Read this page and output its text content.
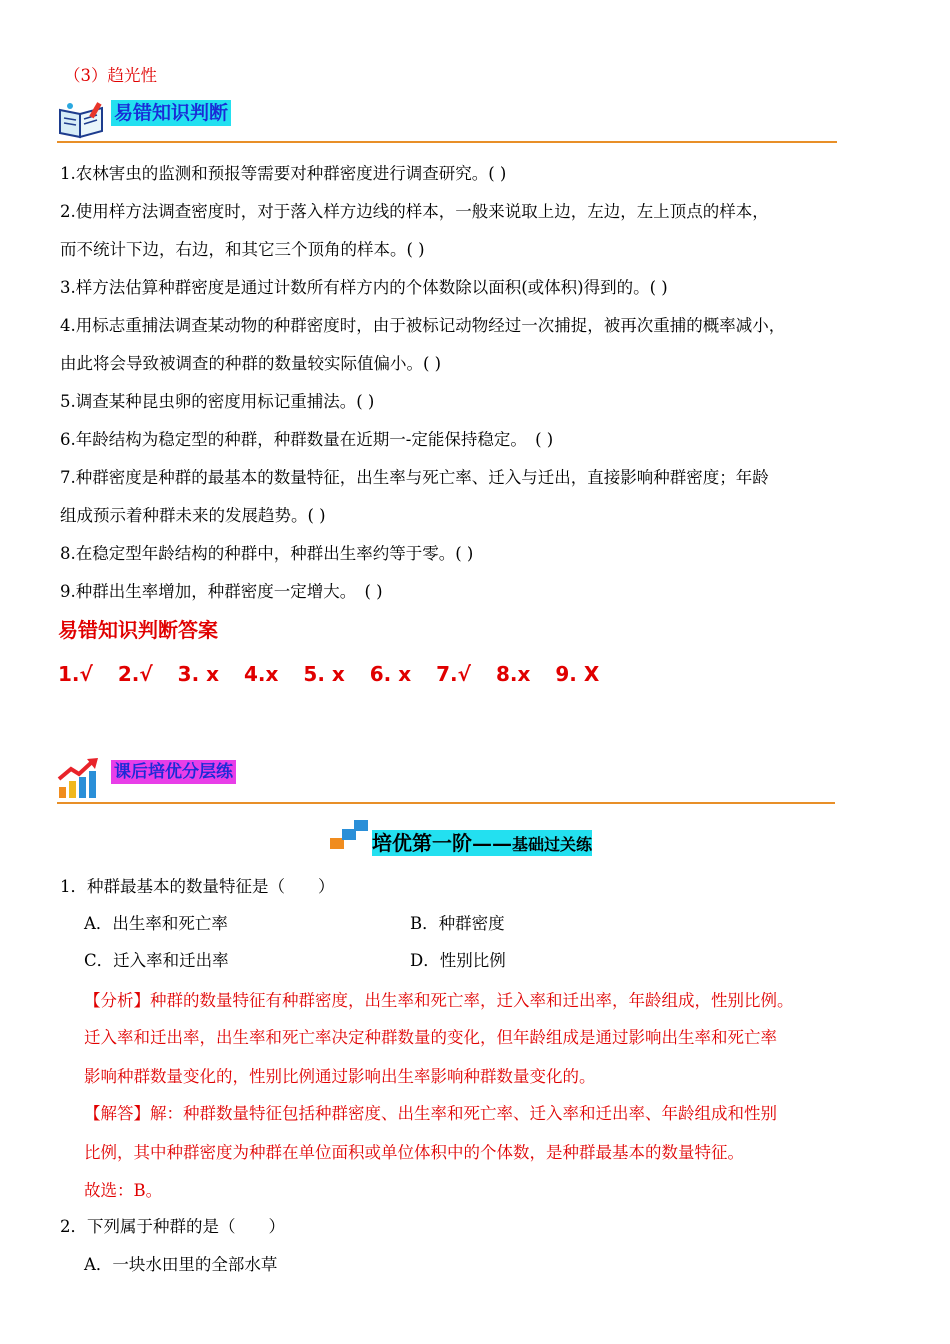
（3）趋光性
易错知识判断
1.农林害虫的监测和预报等需要对种群密度进行调查研究。( )
2.使用样方法调查密度时，对于落入样方边线的样本，一般来说取上边，左边，左上顶点的样本，
而不统计下边，右边，和其它三个顶角的样本。( )
3.样方法估算种群密度是通过计数所有样方内的个体数除以面积(或体积)得到的。( )
4.用标志重捕法调查某动物的种群密度时，由于被标记动物经过一次捕捉，被再次重捕的概率减小，
由此将会导致被调查的种群的数量较实际值偏小。( )
5.调查某种昆虫卵的密度用标记重捕法。( )
6.年龄结构为稳定型的种群，种群数量在近期一-定能保持稳定。　( )
7.种群密度是种群的最基本的数量特征，出生率与死亡率、迁入与迁出，直接影响种群密度；年龄
组成预示着种群未来的发展趋势。( )
8.在稳定型年龄结构的种群中，种群出生率约等于零。( )
9.种群出生率增加，种群密度一定增大。　( )
易错知识判断答案
1.√ 2.√ 3. x 4.x 5. x 6. x 7.√ 8.x 9. X
课后培优分层练
培优第一阶——基础过关练
1．种群最基本的数量特征是（　　）
A．出生率和死亡率	B．种群密度
C．迁入率和迁出率	D．性别比例
【分析】种群的数量特征有种群密度，出生率和死亡率，迁入率和迁出率，年龄组成，性别比例。
迁入率和迁出率，出生率和死亡率决定种群数量的变化，但年龄组成是通过影响出生率和死亡率
影响种群数量变化的，性别比例通过影响出生率影响种群数量变化的。
【解答】解：种群数量特征包括种群密度、出生率和死亡率、迁入率和迁出率、年龄组成和性别
比例，其中种群密度为种群在单位面积或单位体积中的个体数，是种群最基本的数量特征。
故选：B。
2．下列属于种群的是（　　）
A．一块水田里的全部水草
